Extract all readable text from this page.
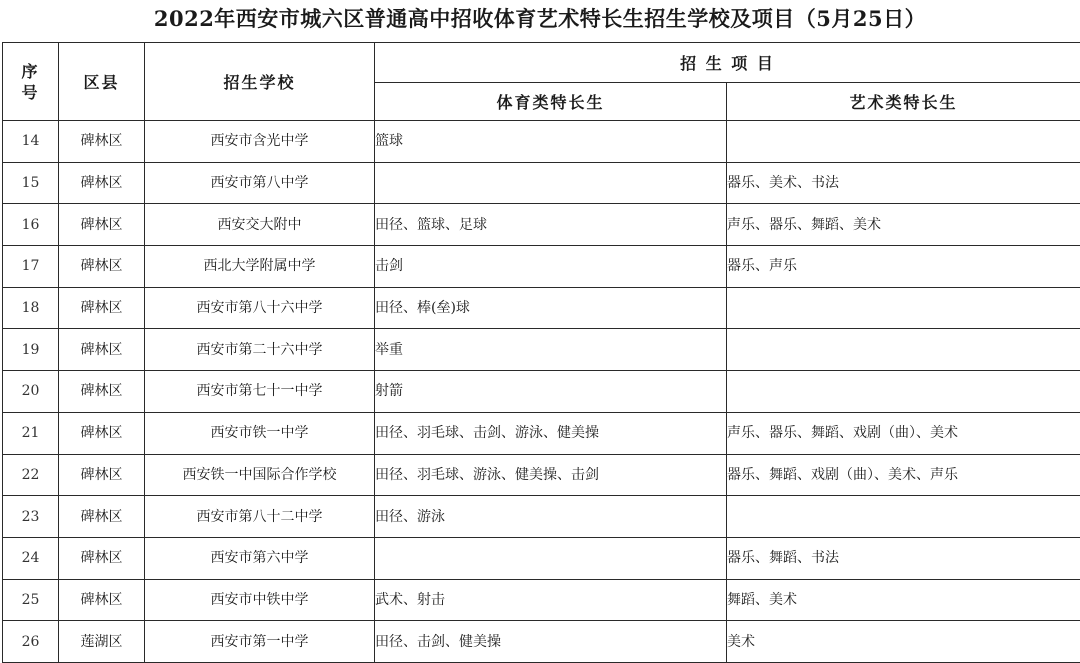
2022年西安市城六区普通高中招收体育艺术特长生招生学校及项目（5月25日）
序
号	区县	招生学校	招 生 项 目	
			体育类特长生	艺术类特长生
14	碑林区	西安市含光中学	篮球	
15	碑林区	西安市第八中学		器乐、美术、书法
16	碑林区	西安交大附中	田径、篮球、足球	声乐、器乐、舞蹈、美术
17	碑林区	西北大学附属中学	击剑	器乐、声乐
18	碑林区	西安市第八十六中学	田径、棒(垒)球	
19	碑林区	西安市第二十六中学	举重	
20	碑林区	西安市第七十一中学	射箭	
21	碑林区	西安市铁一中学	田径、羽毛球、击剑、游泳、健美操	声乐、器乐、舞蹈、戏剧（曲）、美术
22	碑林区	西安铁一中国际合作学校	田径、羽毛球、游泳、健美操、击剑	器乐、舞蹈、戏剧（曲）、美术、声乐
23	碑林区	西安市第八十二中学	田径、游泳	
24	碑林区	西安市第六中学		器乐、舞蹈、书法
25	碑林区	西安市中铁中学	武术、射击	舞蹈、美术
26	莲湖区	西安市第一中学	田径、击剑、健美操	美术
